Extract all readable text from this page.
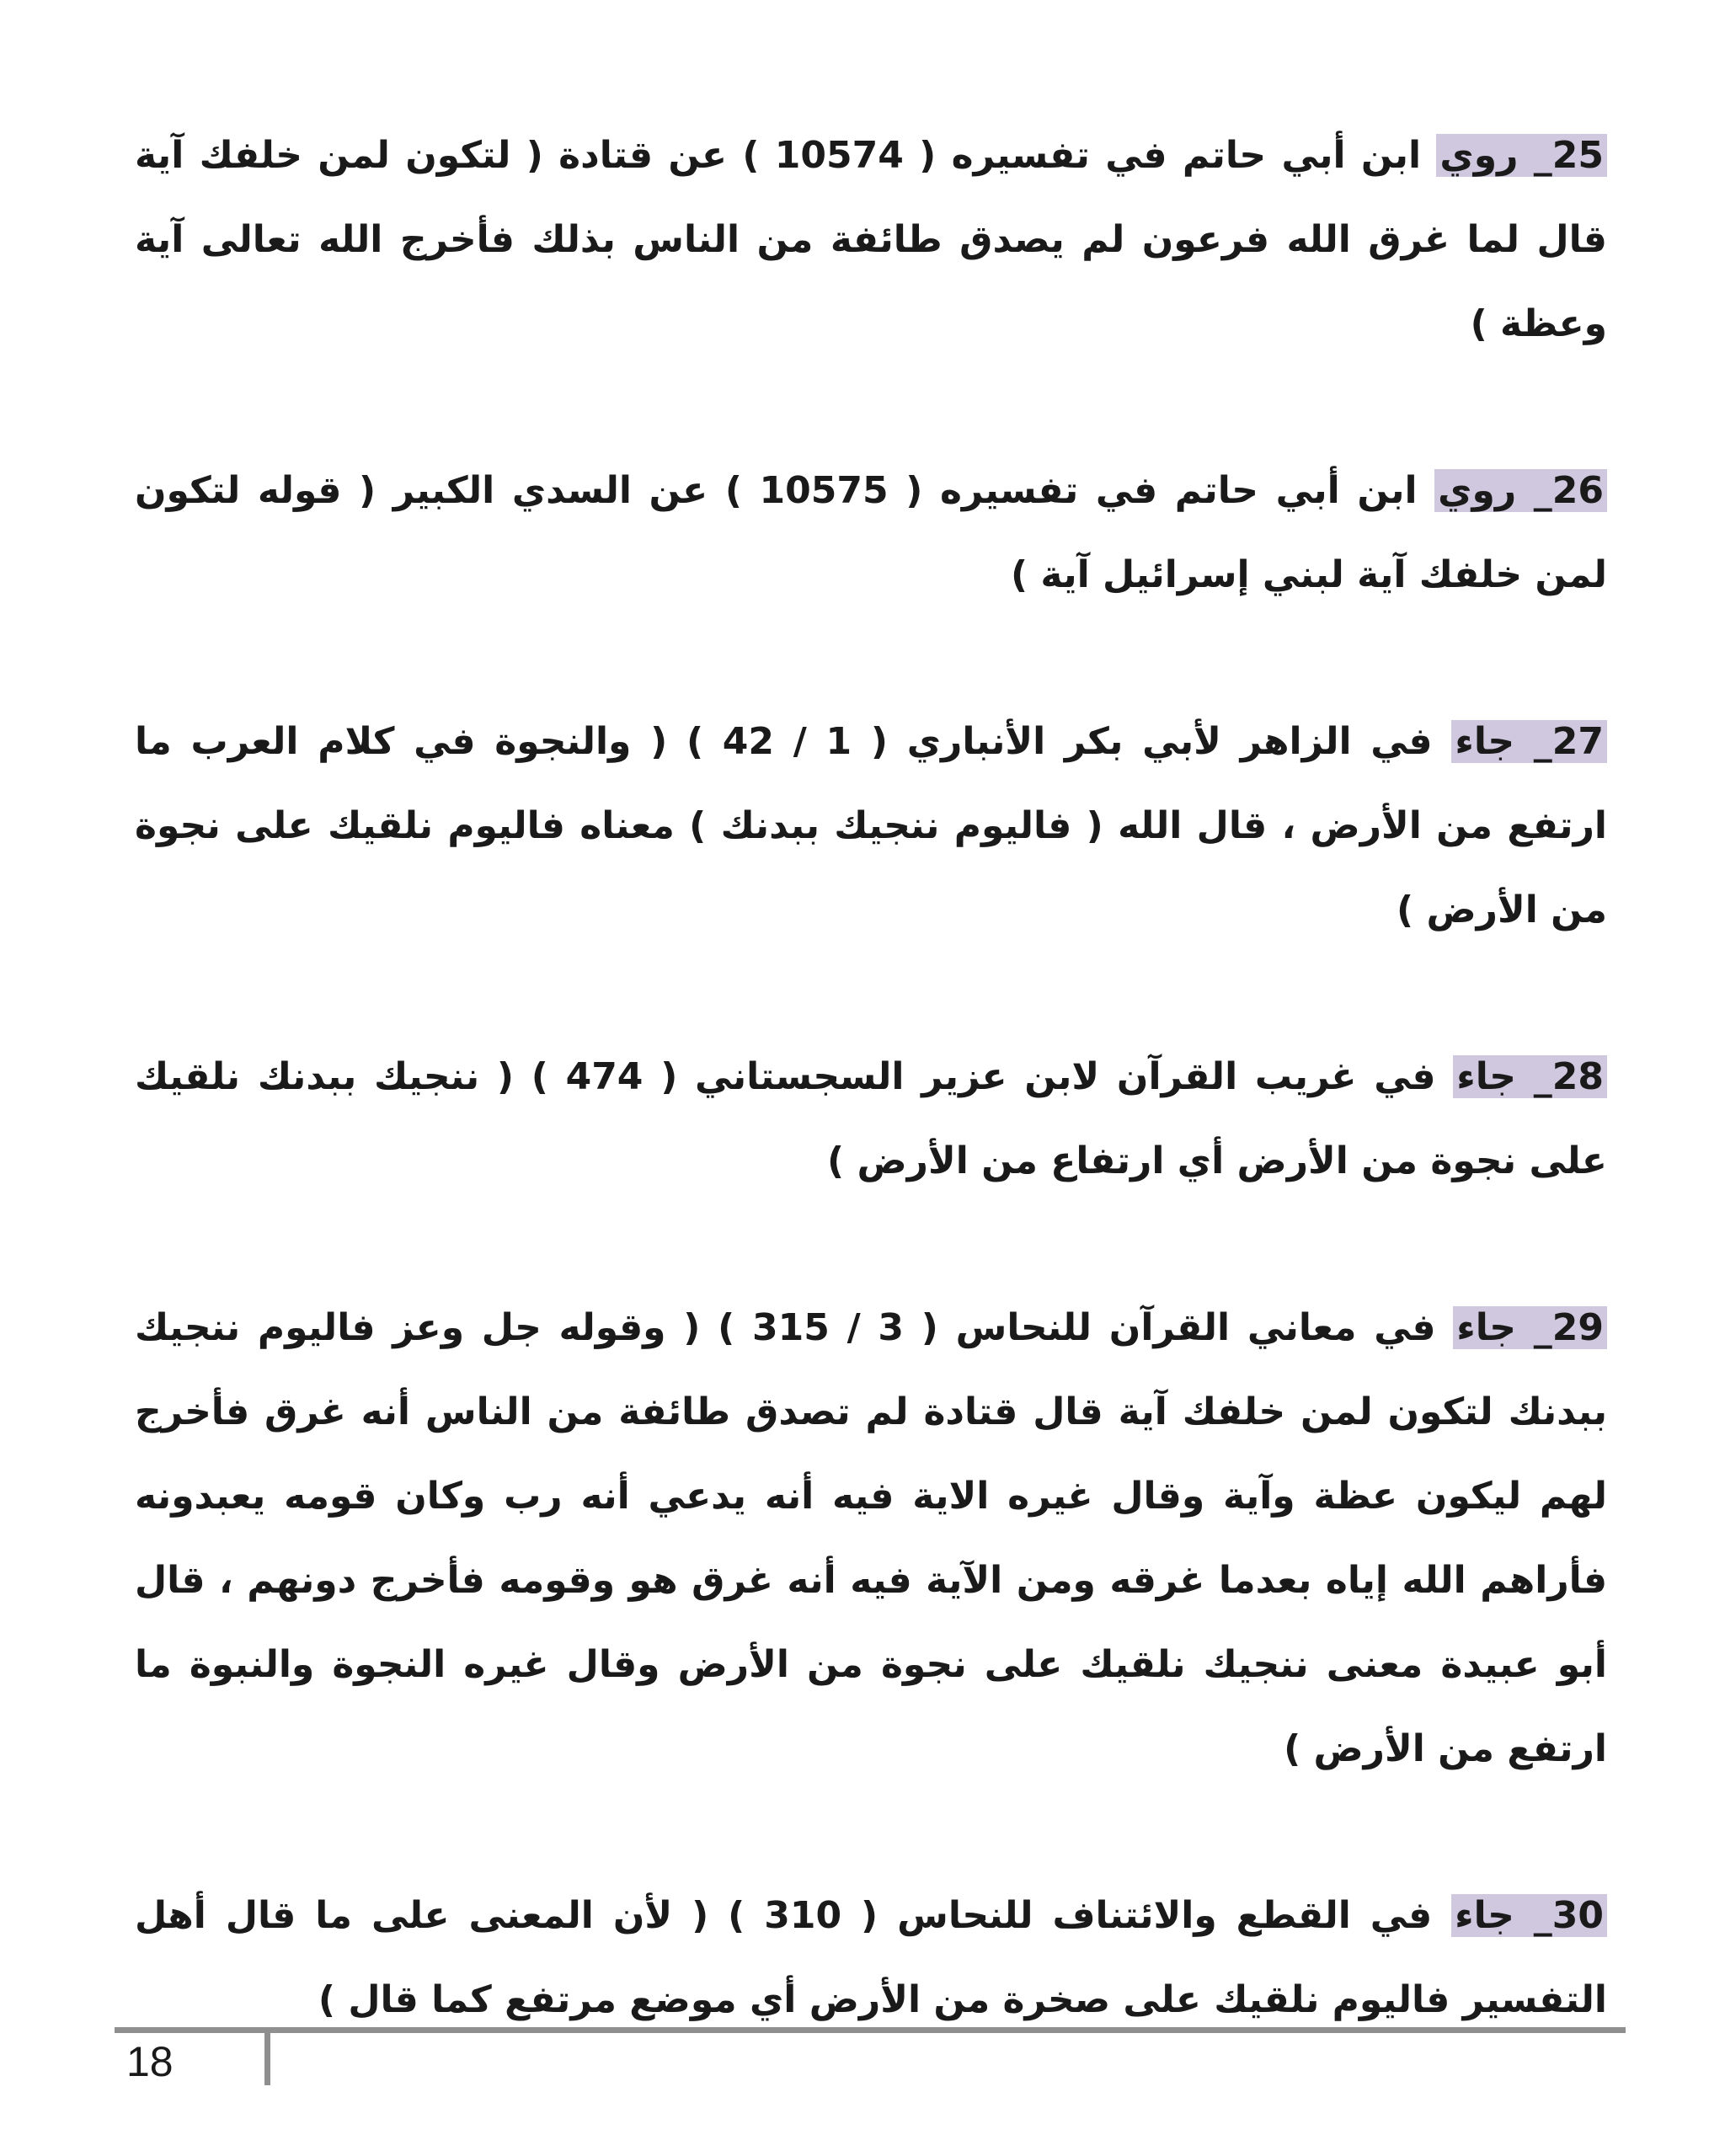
25_ روي ابن أبي حاتم في تفسيره ( 10574 ) عن قتادة ( لتكون لمن خلفك آية قال لما غرق الله فرعون لم يصدق طائفة من الناس بذلك فأخرج الله تعالى آية وعظة )

26_ روي ابن أبي حاتم في تفسيره ( 10575 ) عن السدي الكبير ( قوله لتكون لمن خلفك آية لبني إسرائيل آية )

27_ جاء في الزاهر لأبي بكر الأنباري ( 1 / 42 ) ( والنجوة في كلام العرب ما ارتفع من الأرض ، قال الله ( فاليوم ننجيك ببدنك ) معناه فاليوم نلقيك على نجوة من الأرض )

28_ جاء في غريب القرآن لابن عزير السجستاني ( 474 ) ( ننجيك ببدنك نلقيك على نجوة من الأرض أي ارتفاع من الأرض )

29_ جاء في معاني القرآن للنحاس ( 3 / 315 ) ( وقوله جل وعز فاليوم ننجيك ببدنك لتكون لمن خلفك آية قال قتادة لم تصدق طائفة من الناس أنه غرق فأخرج لهم ليكون عظة وآية وقال غيره الاية فيه أنه يدعي أنه رب وكان قومه يعبدونه فأراهم الله إياه بعدما غرقه ومن الآية فيه أنه غرق هو وقومه فأخرج دونهم ، قال أبو عبيدة معنى ننجيك نلقيك على نجوة من الأرض وقال غيره النجوة والنبوة ما ارتفع من الأرض )

30_ جاء في القطع والائتناف للنحاس ( 310 ) ( لأن المعنى على ما قال أهل التفسير فاليوم نلقيك على صخرة من الأرض أي موضع مرتفع كما قال )

18
